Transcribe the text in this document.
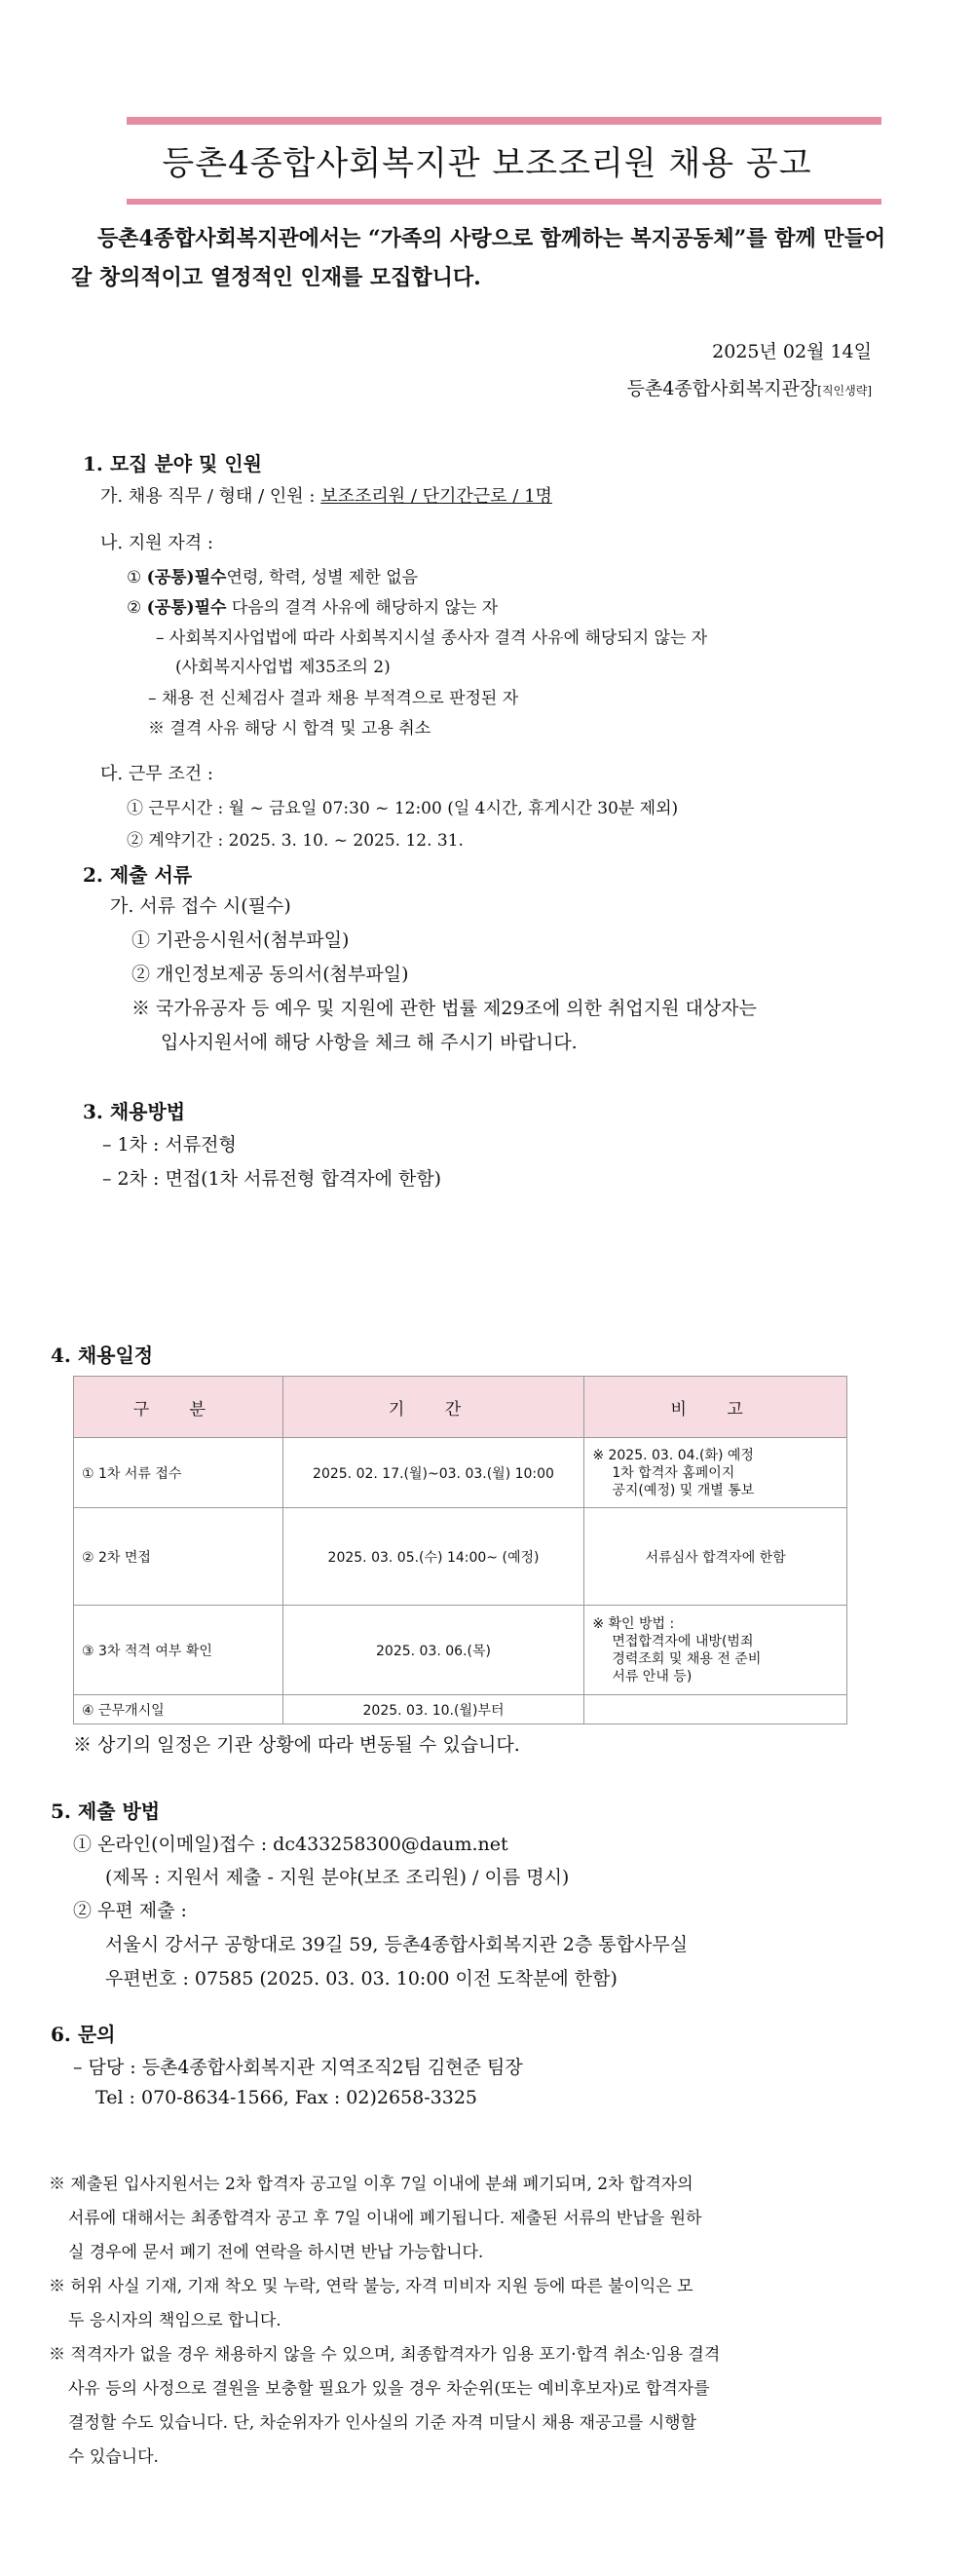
등촌4종합사회복지관 보조조리원 채용 공고
등촌4종합사회복지관에서는 “가족의 사랑으로 함께하는 복지공동체”를 함께 만들어
갈 창의적이고 열정적인 인재를 모집합니다.
2025년 02월 14일
등촌4종합사회복지관장[직인생략]
1. 모집 분야 및 인원
가. 채용 직무 / 형태 / 인원 : 보조조리원 / 단기간근로 / 1명
나. 지원 자격 :
① (공통)필수연령, 학력, 성별 제한 없음
② (공통)필수 다음의 결격 사유에 해당하지 않는 자
– 사회복지사업법에 따라 사회복지시설 종사자 결격 사유에 해당되지 않는 자
(사회복지사업법 제35조의 2)
– 채용 전 신체검사 결과 채용 부적격으로 판정된 자
※ 결격 사유 해당 시 합격 및 고용 취소
다. 근무 조건 :
① 근무시간 : 월 ~ 금요일 07:30 ~ 12:00 (일 4시간, 휴게시간 30분 제외)
② 계약기간 : 2025. 3. 10. ~ 2025. 12. 31.
2. 제출 서류
가. 서류 접수 시(필수)
① 기관응시원서(첨부파일)
② 개인정보제공 동의서(첨부파일)
※ 국가유공자 등 예우 및 지원에 관한 법률 제29조에 의한 취업지원 대상자는
입사지원서에 해당 사항을 체크 해 주시기 바랍니다.
3. 채용방법
– 1차 : 서류전형
– 2차 : 면접(1차 서류전형 합격자에 한함)
4. 채용일정
구 분	기 간	비 고
① 1차 서류 접수	2025. 02. 17.(월)~03. 03.(월) 10:00	※ 2025. 03. 04.(화) 예정
1차 합격자 홈페이지
공지(예정) 및 개별 통보

② 2차 면접	2025. 03. 05.(수) 14:00~ (예정)	서류심사 합격자에 한함
③ 3차 적격 여부 확인	2025. 03. 06.(목)	※ 확인 방법 :
면접합격자에 내방(범죄
경력조회 및 채용 전 준비
서류 안내 등)

④ 근무개시일	2025. 03. 10.(월)부터	
※ 상기의 일정은 기관 상황에 따라 변동될 수 있습니다.
5. 제출 방법
① 온라인(이메일)접수 : dc433258300@daum.net
(제목 : 지원서 제출 - 지원 분야(보조 조리원) / 이름 명시)
② 우편 제출 :
서울시 강서구 공항대로 39길 59, 등촌4종합사회복지관 2층 통합사무실
우편번호 : 07585 (2025. 03. 03. 10:00 이전 도착분에 한함)
6. 문의
– 담당 : 등촌4종합사회복지관 지역조직2팀 김현준 팀장
Tel : 070-8634-1566, Fax : 02)2658-3325
※ 제출된 입사지원서는 2차 합격자 공고일 이후 7일 이내에 분쇄 폐기되며, 2차 합격자의
서류에 대해서는 최종합격자 공고 후 7일 이내에 폐기됩니다. 제출된 서류의 반납을 원하
실 경우에 문서 폐기 전에 연락을 하시면 반납 가능합니다.
※ 허위 사실 기재, 기재 착오 및 누락, 연락 불능, 자격 미비자 지원 등에 따른 불이익은 모
두 응시자의 책임으로 합니다.
※ 적격자가 없을 경우 채용하지 않을 수 있으며, 최종합격자가 임용 포기·합격 취소·임용 결격
사유 등의 사정으로 결원을 보충할 필요가 있을 경우 차순위(또는 예비후보자)로 합격자를
결정할 수도 있습니다. 단, 차순위자가 인사실의 기준 자격 미달시 채용 재공고를 시행할
수 있습니다.
